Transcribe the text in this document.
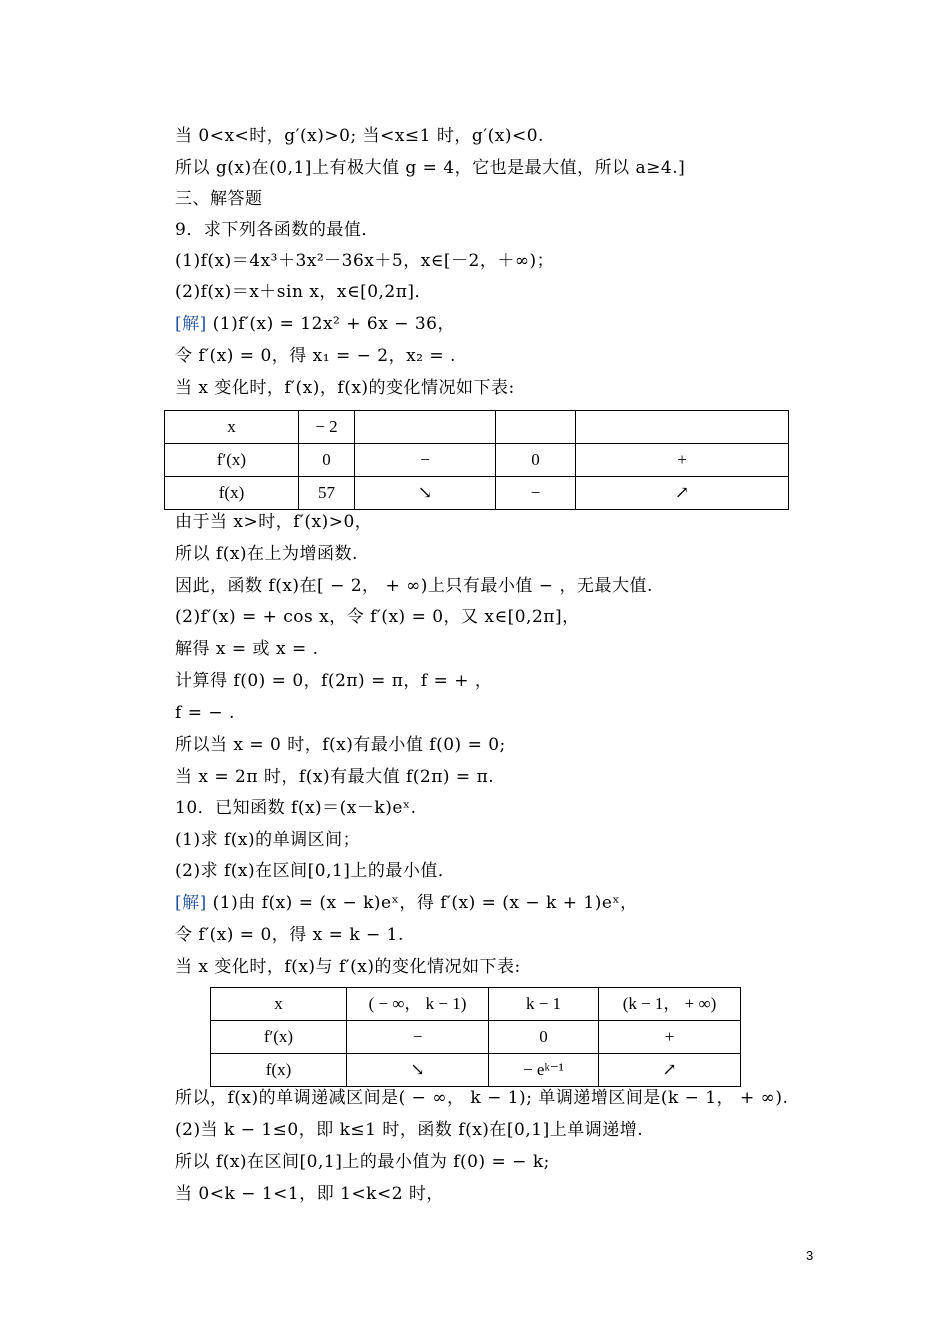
当 0<x<时，g′(x)>0; 当<x≤1 时，g′(x)<0.
所以 g(x)在(0,1]上有极大值 g = 4，它也是最大值，所以 a≥4.]
三、解答题
9．求下列各函数的最值．
(1)f(x)＝4x³＋3x²－36x＋5，x∈[－2，＋∞)；
(2)f(x)＝x＋sin x，x∈[0,2π]．
[解] (1)f′(x) = 12x² + 6x − 36，
令 f′(x) = 0，得 x₁ = − 2，x₂ = .
当 x 变化时，f′(x)，f(x)的变化情况如下表:
由于当 x>时，f′(x)>0，
所以 f(x)在上为增函数.
因此，函数 f(x)在[ − 2， + ∞)上只有最小值 − ，无最大值.
(2)f′(x) = + cos x，令 f′(x) = 0，又 x∈[0,2π]，
解得 x = 或 x = .
计算得 f(0) = 0，f(2π) = π，f = + ，
f = − .
所以当 x = 0 时，f(x)有最小值 f(0) = 0;
当 x = 2π 时，f(x)有最大值 f(2π) = π.
10．已知函数 f(x)＝(x－k)eˣ.
(1)求 f(x)的单调区间；
(2)求 f(x)在区间[0,1]上的最小值．
[解] (1)由 f(x) = (x − k)eˣ，得 f′(x) = (x − k + 1)eˣ，
令 f′(x) = 0，得 x = k − 1.
当 x 变化时，f(x)与 f′(x)的变化情况如下表:
所以，f(x)的单调递减区间是( − ∞， k − 1); 单调递增区间是(k − 1， + ∞).
(2)当 k − 1≤0，即 k≤1 时，函数 f(x)在[0,1]上单调递增.
所以 f(x)在区间[0,1]上的最小值为 f(0) = − k;
当 0<k − 1<1，即 1<k<2 时，
x	− 2			
f′(x)	0	−	0	+
f(x)	57	↘	−	↗
x	( − ∞， k − 1)	k − 1	(k − 1， + ∞)
f′(x)	−	0	+
f(x)	↘	− eᵏ⁻¹	↗
3
